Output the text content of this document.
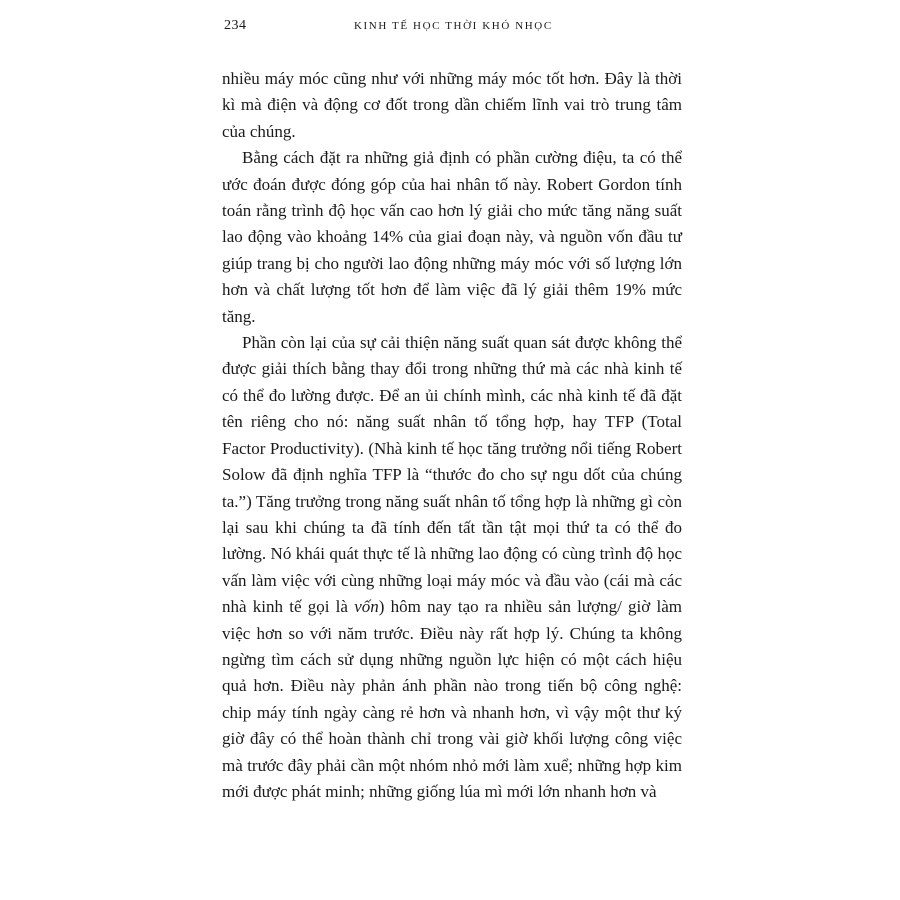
234	KINH TẾ HỌC THỜI KHÓ NHỌC

nhiều máy móc cũng như với những máy móc tốt hơn. Đây là thời kì mà điện và động cơ đốt trong dần chiếm lĩnh vai trò trung tâm của chúng.

Bằng cách đặt ra những giả định có phần cường điệu, ta có thể ước đoán được đóng góp của hai nhân tố này. Robert Gordon tính toán rằng trình độ học vấn cao hơn lý giải cho mức tăng năng suất lao động vào khoảng 14% của giai đoạn này, và nguồn vốn đầu tư giúp trang bị cho người lao động những máy móc với số lượng lớn hơn và chất lượng tốt hơn để làm việc đã lý giải thêm 19% mức tăng.

Phần còn lại của sự cải thiện năng suất quan sát được không thể được giải thích bằng thay đổi trong những thứ mà các nhà kinh tế có thể đo lường được. Để an ủi chính mình, các nhà kinh tế đã đặt tên riêng cho nó: năng suất nhân tố tổng hợp, hay TFP (Total Factor Productivity). (Nhà kinh tế học tăng trưởng nổi tiếng Robert Solow đã định nghĩa TFP là “thước đo cho sự ngu dốt của chúng ta.”) Tăng trưởng trong năng suất nhân tố tổng hợp là những gì còn lại sau khi chúng ta đã tính đến tất tần tật mọi thứ ta có thể đo lường. Nó khái quát thực tế là những lao động có cùng trình độ học vấn làm việc với cùng những loại máy móc và đầu vào (cái mà các nhà kinh tế gọi là vốn) hôm nay tạo ra nhiều sản lượng/ giờ làm việc hơn so với năm trước. Điều này rất hợp lý. Chúng ta không ngừng tìm cách sử dụng những nguồn lực hiện có một cách hiệu quả hơn. Điều này phản ánh phần nào trong tiến bộ công nghệ: chip máy tính ngày càng rẻ hơn và nhanh hơn, vì vậy một thư ký giờ đây có thể hoàn thành chỉ trong vài giờ khối lượng công việc mà trước đây phải cần một nhóm nhỏ mới làm xuể; những hợp kim mới được phát minh; những giống lúa mì mới lớn nhanh hơn và
